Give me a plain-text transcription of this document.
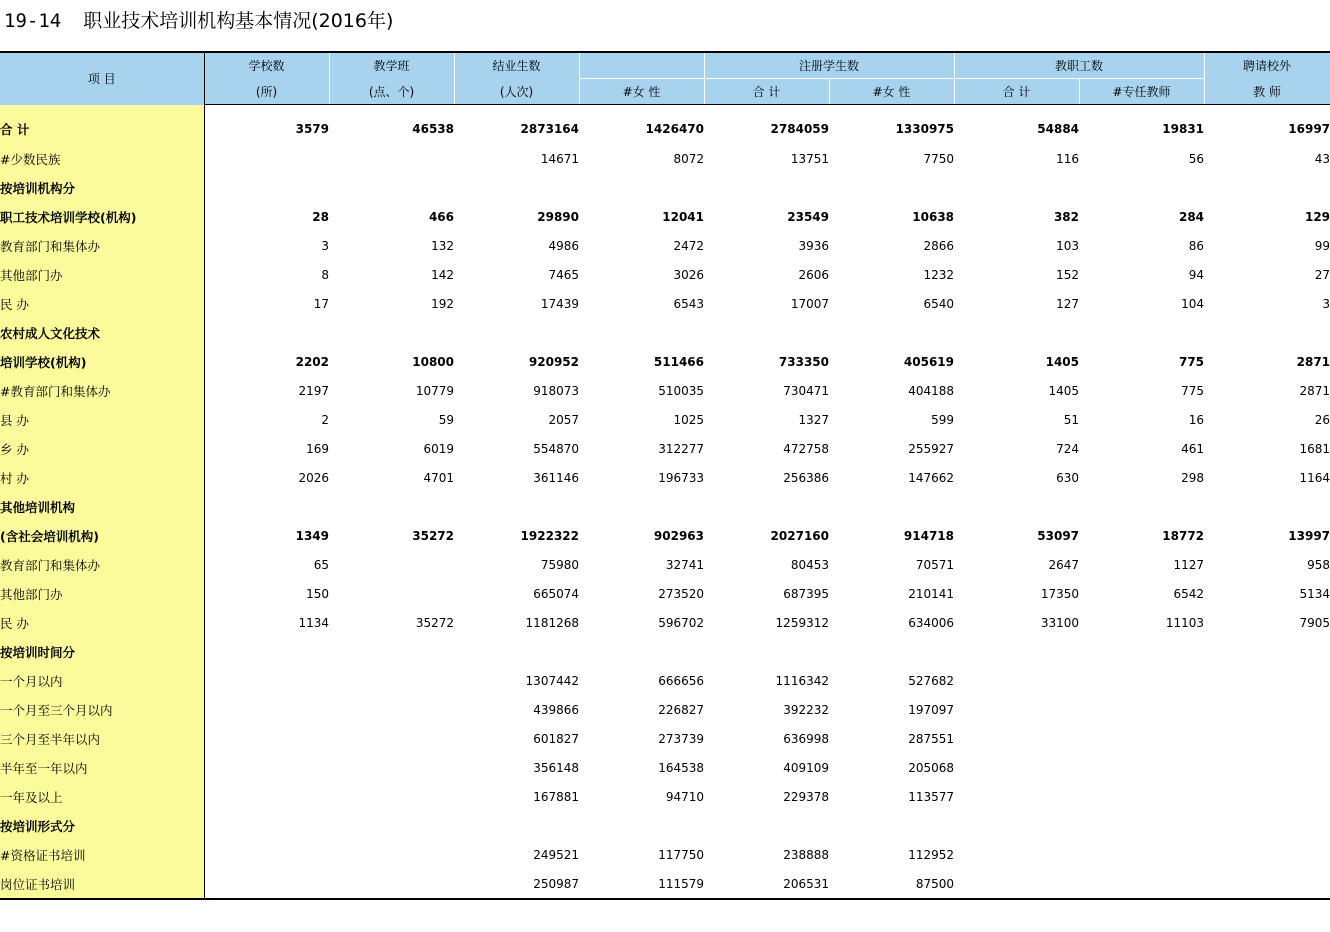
19-14 职业技术培训机构基本情况(2016年)
项 目	学校数	教学班	结业生数		注册学生数		教职工数		聘请校外
	(所)	(点、个)	(人次)	#女 性	合 计	#女 性	合 计	#专任教师	教 师
合 计	3579	46538	2873164	1426470	2784059	1330975	54884	19831	16997
#少数民族			14671	8072	13751	7750	116	56	43
按培训机构分									
职工技术培训学校(机构)	28	466	29890	12041	23549	10638	382	284	129
教育部门和集体办	3	132	4986	2472	3936	2866	103	86	99
其他部门办	8	142	7465	3026	2606	1232	152	94	27
民 办	17	192	17439	6543	17007	6540	127	104	3
农村成人文化技术									
培训学校(机构)	2202	10800	920952	511466	733350	405619	1405	775	2871
#教育部门和集体办	2197	10779	918073	510035	730471	404188	1405	775	2871
县 办	2	59	2057	1025	1327	599	51	16	26
乡 办	169	6019	554870	312277	472758	255927	724	461	1681
村 办	2026	4701	361146	196733	256386	147662	630	298	1164
其他培训机构									
(含社会培训机构)	1349	35272	1922322	902963	2027160	914718	53097	18772	13997
教育部门和集体办	65		75980	32741	80453	70571	2647	1127	958
其他部门办	150		665074	273520	687395	210141	17350	6542	5134
民 办	1134	35272	1181268	596702	1259312	634006	33100	11103	7905
按培训时间分									
一个月以内			1307442	666656	1116342	527682			
一个月至三个月以内			439866	226827	392232	197097			
三个月至半年以内			601827	273739	636998	287551			
半年至一年以内			356148	164538	409109	205068			
一年及以上			167881	94710	229378	113577			
按培训形式分									
#资格证书培训			249521	117750	238888	112952			
岗位证书培训			250987	111579	206531	87500			
